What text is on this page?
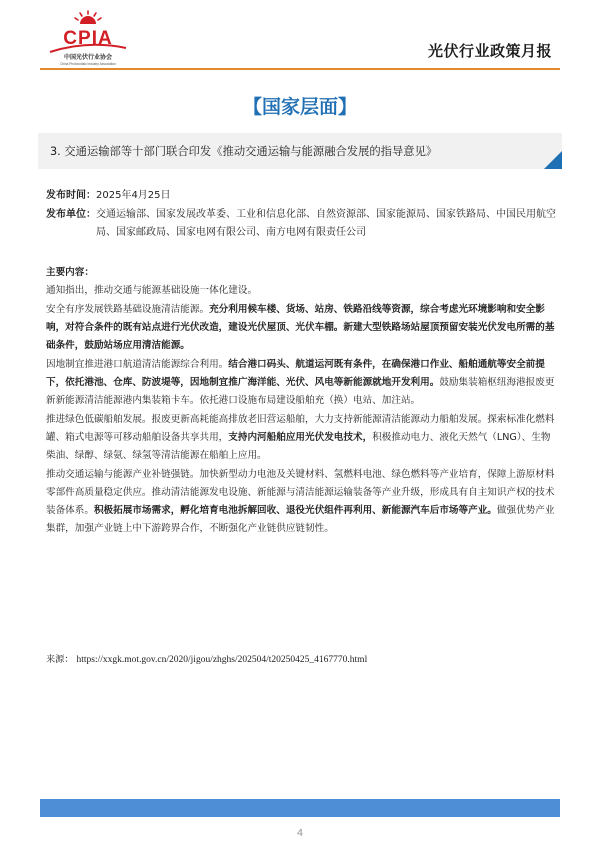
CPIA
中国光伏行业协会
China Photovoltaic Industry Association
光伏行业政策月报
【国家层面】
3. 交通运输部等十部门联合印发《推动交通运输与能源融合发展的指导意见》
发布时间：2025年4月25日
发布单位： 交通运输部、国家发展改革委、工业和信息化部、自然资源部、国家能源局、国家铁路局、中国民用航空局、国家邮政局、国家电网有限公司、南方电网有限责任公司

主要内容：

通知指出，推动交通与能源基础设施一体化建设。

安全有序发展铁路基础设施清洁能源。充分利用候车楼、货场、站房、铁路沿线等资源，综合考虑光环境影响和安全影响，对符合条件的既有站点进行光伏改造，建设光伏屋顶、光伏车棚。新建大型铁路场站屋顶预留安装光伏发电所需的基础条件，鼓励站场应用清洁能源。

因地制宜推进港口航道清洁能源综合利用。结合港口码头、航道运河既有条件，在确保港口作业、船舶通航等安全前提下，依托港池、仓库、防波堤等，因地制宜推广海洋能、光伏、风电等新能源就地开发利用。鼓励集装箱枢纽海港报废更新新能源清洁能源港内集装箱卡车。依托港口设施布局建设船舶充（换）电站、加注站。

推进绿色低碳船舶发展。报废更新高耗能高排放老旧营运船舶，大力支持新能源清洁能源动力船舶发展。探索标准化燃料罐、箱式电源等可移动船舶设备共享共用，支持内河船舶应用光伏发电技术，积极推动电力、液化天然气（LNG）、生物柴油、绿醇、绿氨、绿氢等清洁能源在船舶上应用。

推动交通运输与能源产业补链强链。加快新型动力电池及关键材料、氢燃料电池、绿色燃料等产业培育，保障上游原材料零部件高质量稳定供应。推动清洁能源发电设施、新能源与清洁能源运输装备等产业升级，形成具有自主知识产权的技术装备体系。积极拓展市场需求，孵化培育电池拆解回收、退役光伏组件再利用、新能源汽车后市场等产业。做强优势产业集群，加强产业链上中下游跨界合作，不断强化产业链供应链韧性。

来源： https://xxgk.mot.gov.cn/2020/jigou/zhghs/202504/t20250425_4167770.html
4
